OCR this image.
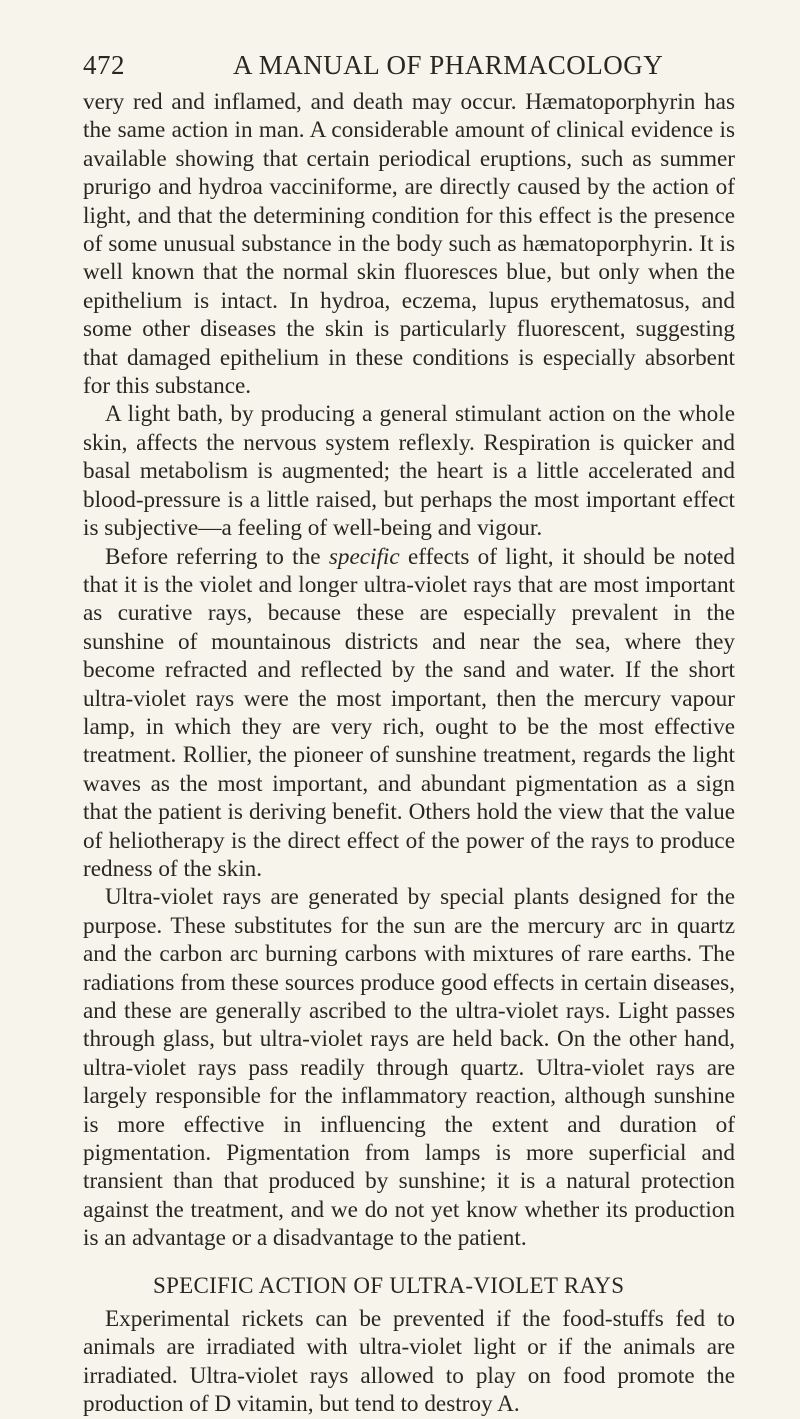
472	A MANUAL OF PHARMACOLOGY

very red and inflamed, and death may occur. Hæmatoporphyrin has the same action in man. A considerable amount of clinical evidence is available showing that certain periodical eruptions, such as summer prurigo and hydroa vacciniforme, are directly caused by the action of light, and that the determining condition for this effect is the presence of some unusual substance in the body such as hæmatoporphyrin. It is well known that the normal skin fluoresces blue, but only when the epithelium is intact. In hydroa, eczema, lupus erythematosus, and some other diseases the skin is particularly fluorescent, suggesting that damaged epithelium in these conditions is especially absorbent for this substance.

A light bath, by producing a general stimulant action on the whole skin, affects the nervous system reflexly. Respiration is quicker and basal metabolism is augmented; the heart is a little accelerated and blood-pressure is a little raised, but perhaps the most important effect is subjective—a feeling of well-being and vigour.

Before referring to the specific effects of light, it should be noted that it is the violet and longer ultra-violet rays that are most important as curative rays, because these are especially prevalent in the sunshine of mountainous districts and near the sea, where they become refracted and reflected by the sand and water. If the short ultra-violet rays were the most important, then the mercury vapour lamp, in which they are very rich, ought to be the most effective treatment. Rollier, the pioneer of sunshine treatment, regards the light waves as the most important, and abundant pigmentation as a sign that the patient is deriving benefit. Others hold the view that the value of heliotherapy is the direct effect of the power of the rays to produce redness of the skin.

Ultra-violet rays are generated by special plants designed for the purpose. These substitutes for the sun are the mercury arc in quartz and the carbon arc burning carbons with mixtures of rare earths. The radiations from these sources produce good effects in certain diseases, and these are generally ascribed to the ultra-violet rays. Light passes through glass, but ultra-violet rays are held back. On the other hand, ultra-violet rays pass readily through quartz. Ultra-violet rays are largely responsible for the inflammatory reaction, although sunshine is more effective in influencing the extent and duration of pigmentation. Pigmentation from lamps is more superficial and transient than that produced by sunshine; it is a natural protection against the treatment, and we do not yet know whether its production is an advantage or a disadvantage to the patient.

SPECIFIC ACTION OF ULTRA-VIOLET RAYS

Experimental rickets can be prevented if the food-stuffs fed to animals are irradiated with ultra-violet light or if the animals are irradiated. Ultra-violet rays allowed to play on food promote the production of D vitamin, but tend to destroy A.
